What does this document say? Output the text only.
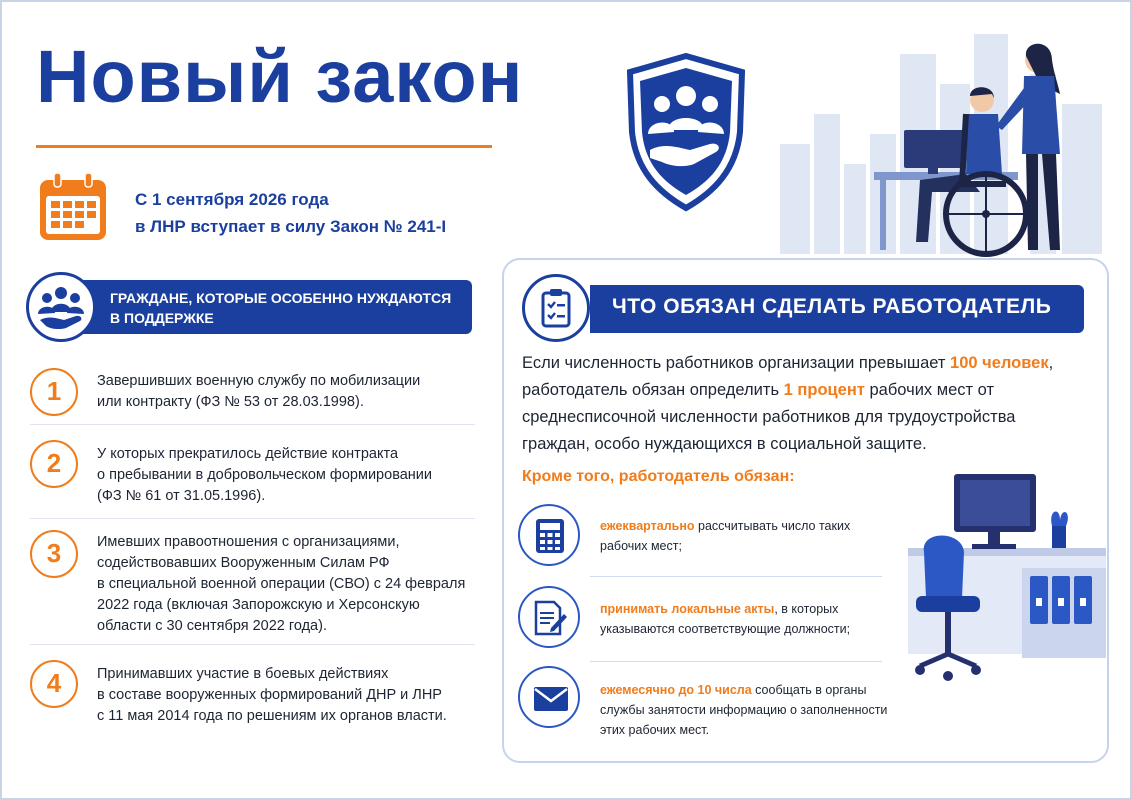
Новый закон
С 1 сентября 2026 года
в ЛНР вступает в силу Закон № 241-I
ГРАЖДАНЕ, КОТОРЫЕ ОСОБЕННО НУЖДАЮТСЯ
В ПОДДЕРЖКЕ
1	Завершивших военную службу по мобилизации
или контракту (ФЗ № 53 от 28.03.1998).
2	У которых прекратилось действие контракта
о пребывании в добровольческом формировании
(ФЗ № 61 от 31.05.1996).
3	Имевших правоотношения с организациями,
содействовавших Вооруженным Силам РФ
в специальной военной операции (СВО) с 24 февраля
2022 года (включая Запорожскую и Херсонскую
области с 30 сентября 2022 года).
4	Принимавших участие в боевых действиях
в составе вооруженных формирований ДНР и ЛНР
с 11 мая 2014 года по решениям их органов власти.
ЧТО ОБЯЗАН СДЕЛАТЬ РАБОТОДАТЕЛЬ
Если численность работников организации превышает 100 человек,
работодатель обязан определить 1 процент рабочих мест от
среднесписочной численности работников для трудоустройства
граждан, особо нуждающихся в социальной защите.
Кроме того, работодатель обязан:
ежеквартально рассчитывать число таких
рабочих мест;
принимать локальные акты, в которых
указываются соответствующие должности;
ежемесячно до 10 числа сообщать в органы
службы занятости информацию о заполненности
этих рабочих мест.
